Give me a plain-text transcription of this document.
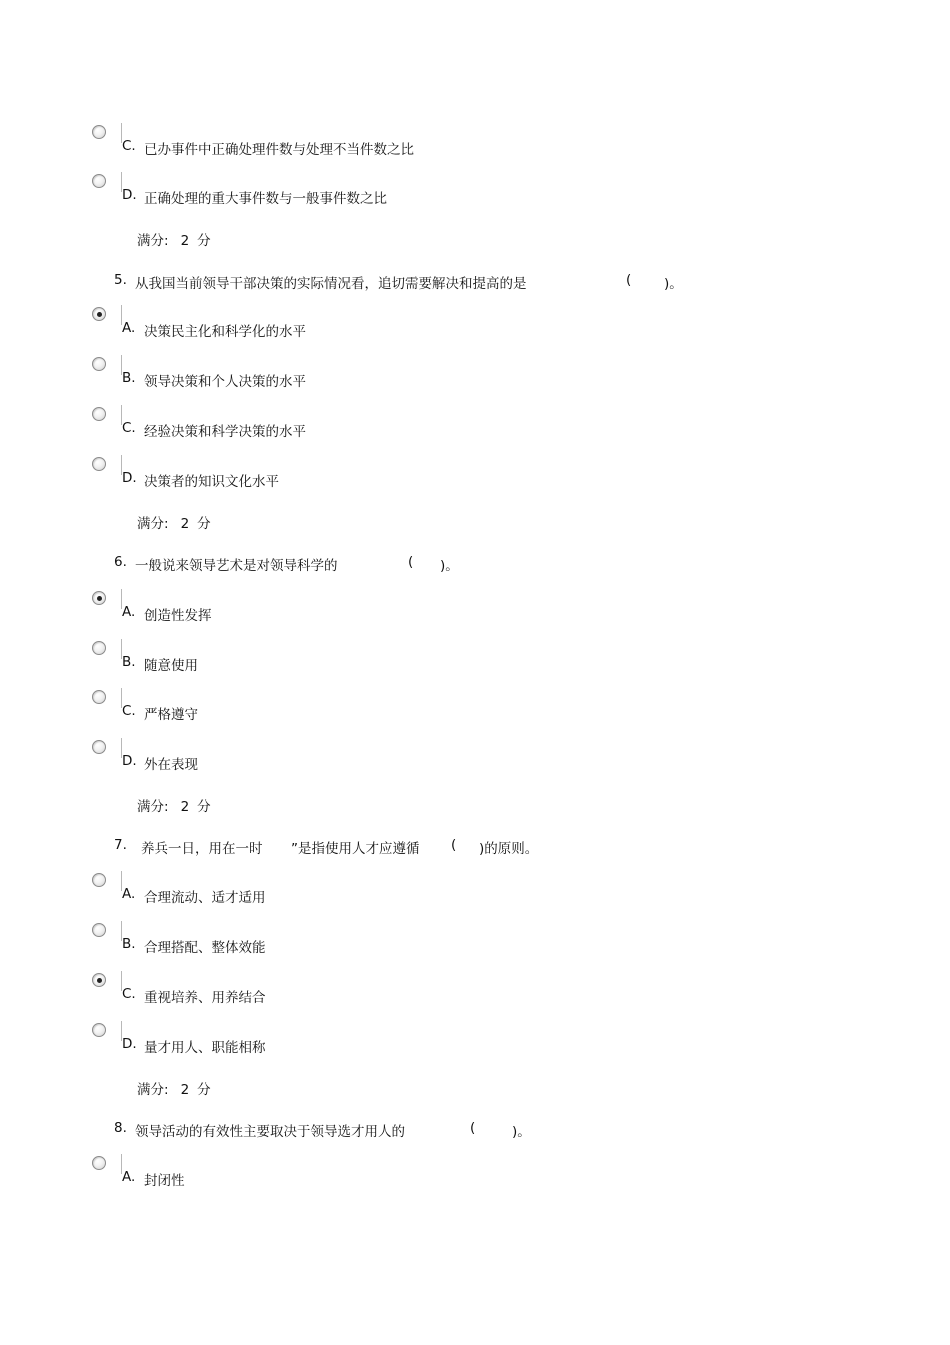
C. 已办事件中正确处理件数与处理不当件数之比
D. 正确处理的重大事件数与一般事件数之比
满分: 2 分
5. 从我国当前领导干部决策的实际情况看，追切需要解决和提高的是	( )。
A. 决策民主化和科学化的水平
B. 领导决策和个人决策的水平
C. 经验决策和科学决策的水平
D. 决策者的知识文化水平
满分: 2 分
6. 一般说来领导艺术是对领导科学的	( )。
A. 创造性发挥
B. 随意使用
C. 严格遵守
D. 外在表现
满分: 2 分
7. 养兵一日，用在一时 ”是指使用人才应遵循 ( )的原则。
A. 合理流动、适才适用
B. 合理搭配、整体效能
C. 重视培养、用养结合
D. 量才用人、职能相称
满分: 2 分
8. 领导活动的有效性主要取决于领导选才用人的	(	)。
A. 封闭性
